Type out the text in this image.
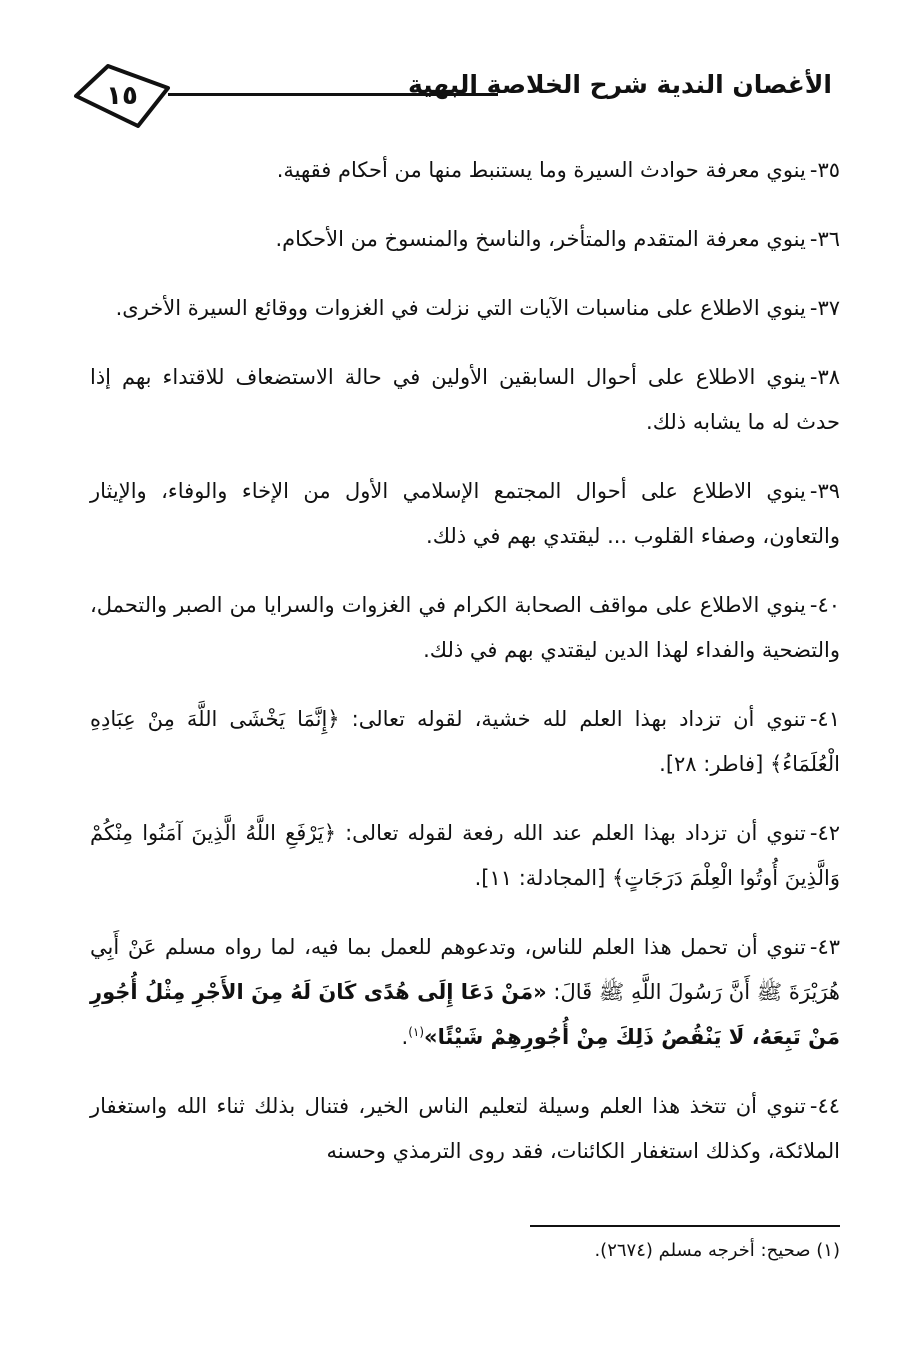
١٥	الأغصان الندية شرح الخلاصة البهية

٣٥-ينوي معرفة حوادث السيرة وما يستنبط منها من أحكام فقهية.

٣٦-ينوي معرفة المتقدم والمتأخر، والناسخ والمنسوخ من الأحكام.

٣٧-ينوي الاطلاع على مناسبات الآيات التي نزلت في الغزوات ووقائع السيرة الأخرى.

٣٨-ينوي الاطلاع على أحوال السابقين الأولين في حالة الاستضعاف للاقتداء بهم إذا حدث له ما يشابه ذلك.

٣٩-ينوي الاطلاع على أحوال المجتمع الإسلامي الأول من الإخاء والوفاء، والإيثار والتعاون، وصفاء القلوب ... ليقتدي بهم في ذلك.

٤٠-ينوي الاطلاع على مواقف الصحابة الكرام في الغزوات والسرايا من الصبر والتحمل، والتضحية والفداء لهذا الدين ليقتدي بهم في ذلك.

٤١-تنوي أن تزداد بهذا العلم لله خشية، لقوله تعالى: ﴿إِنَّمَا يَخْشَى اللَّهَ مِنْ عِبَادِهِ الْعُلَمَاءُ﴾ [فاطر: ٢٨].

٤٢-تنوي أن تزداد بهذا العلم عند الله رفعة لقوله تعالى: ﴿يَرْفَعِ اللَّهُ الَّذِينَ آمَنُوا مِنْكُمْ وَالَّذِينَ أُوتُوا الْعِلْمَ دَرَجَاتٍ﴾ [المجادلة: ١١].

٤٣-تنوي أن تحمل هذا العلم للناس، وتدعوهم للعمل بما فيه، لما رواه مسلم عَنْ أَبِي هُرَيْرَةَ ﷺ أَنَّ رَسُولَ اللَّهِ ﷺ قَالَ: «مَنْ دَعَا إِلَى هُدًى كَانَ لَهُ مِنَ الأَجْرِ مِثْلُ أُجُورِ مَنْ تَبِعَهُ، لَا يَنْقُصُ ذَلِكَ مِنْ أُجُورِهِمْ شَيْئًا»$^{(١)}$.

٤٤-تنوي أن تتخذ هذا العلم وسيلة لتعليم الناس الخير، فتنال بذلك ثناء الله واستغفار الملائكة، وكذلك استغفار الكائنات، فقد روى الترمذي وحسنه

(١) صحيح: أخرجه مسلم (٢٦٧٤).
